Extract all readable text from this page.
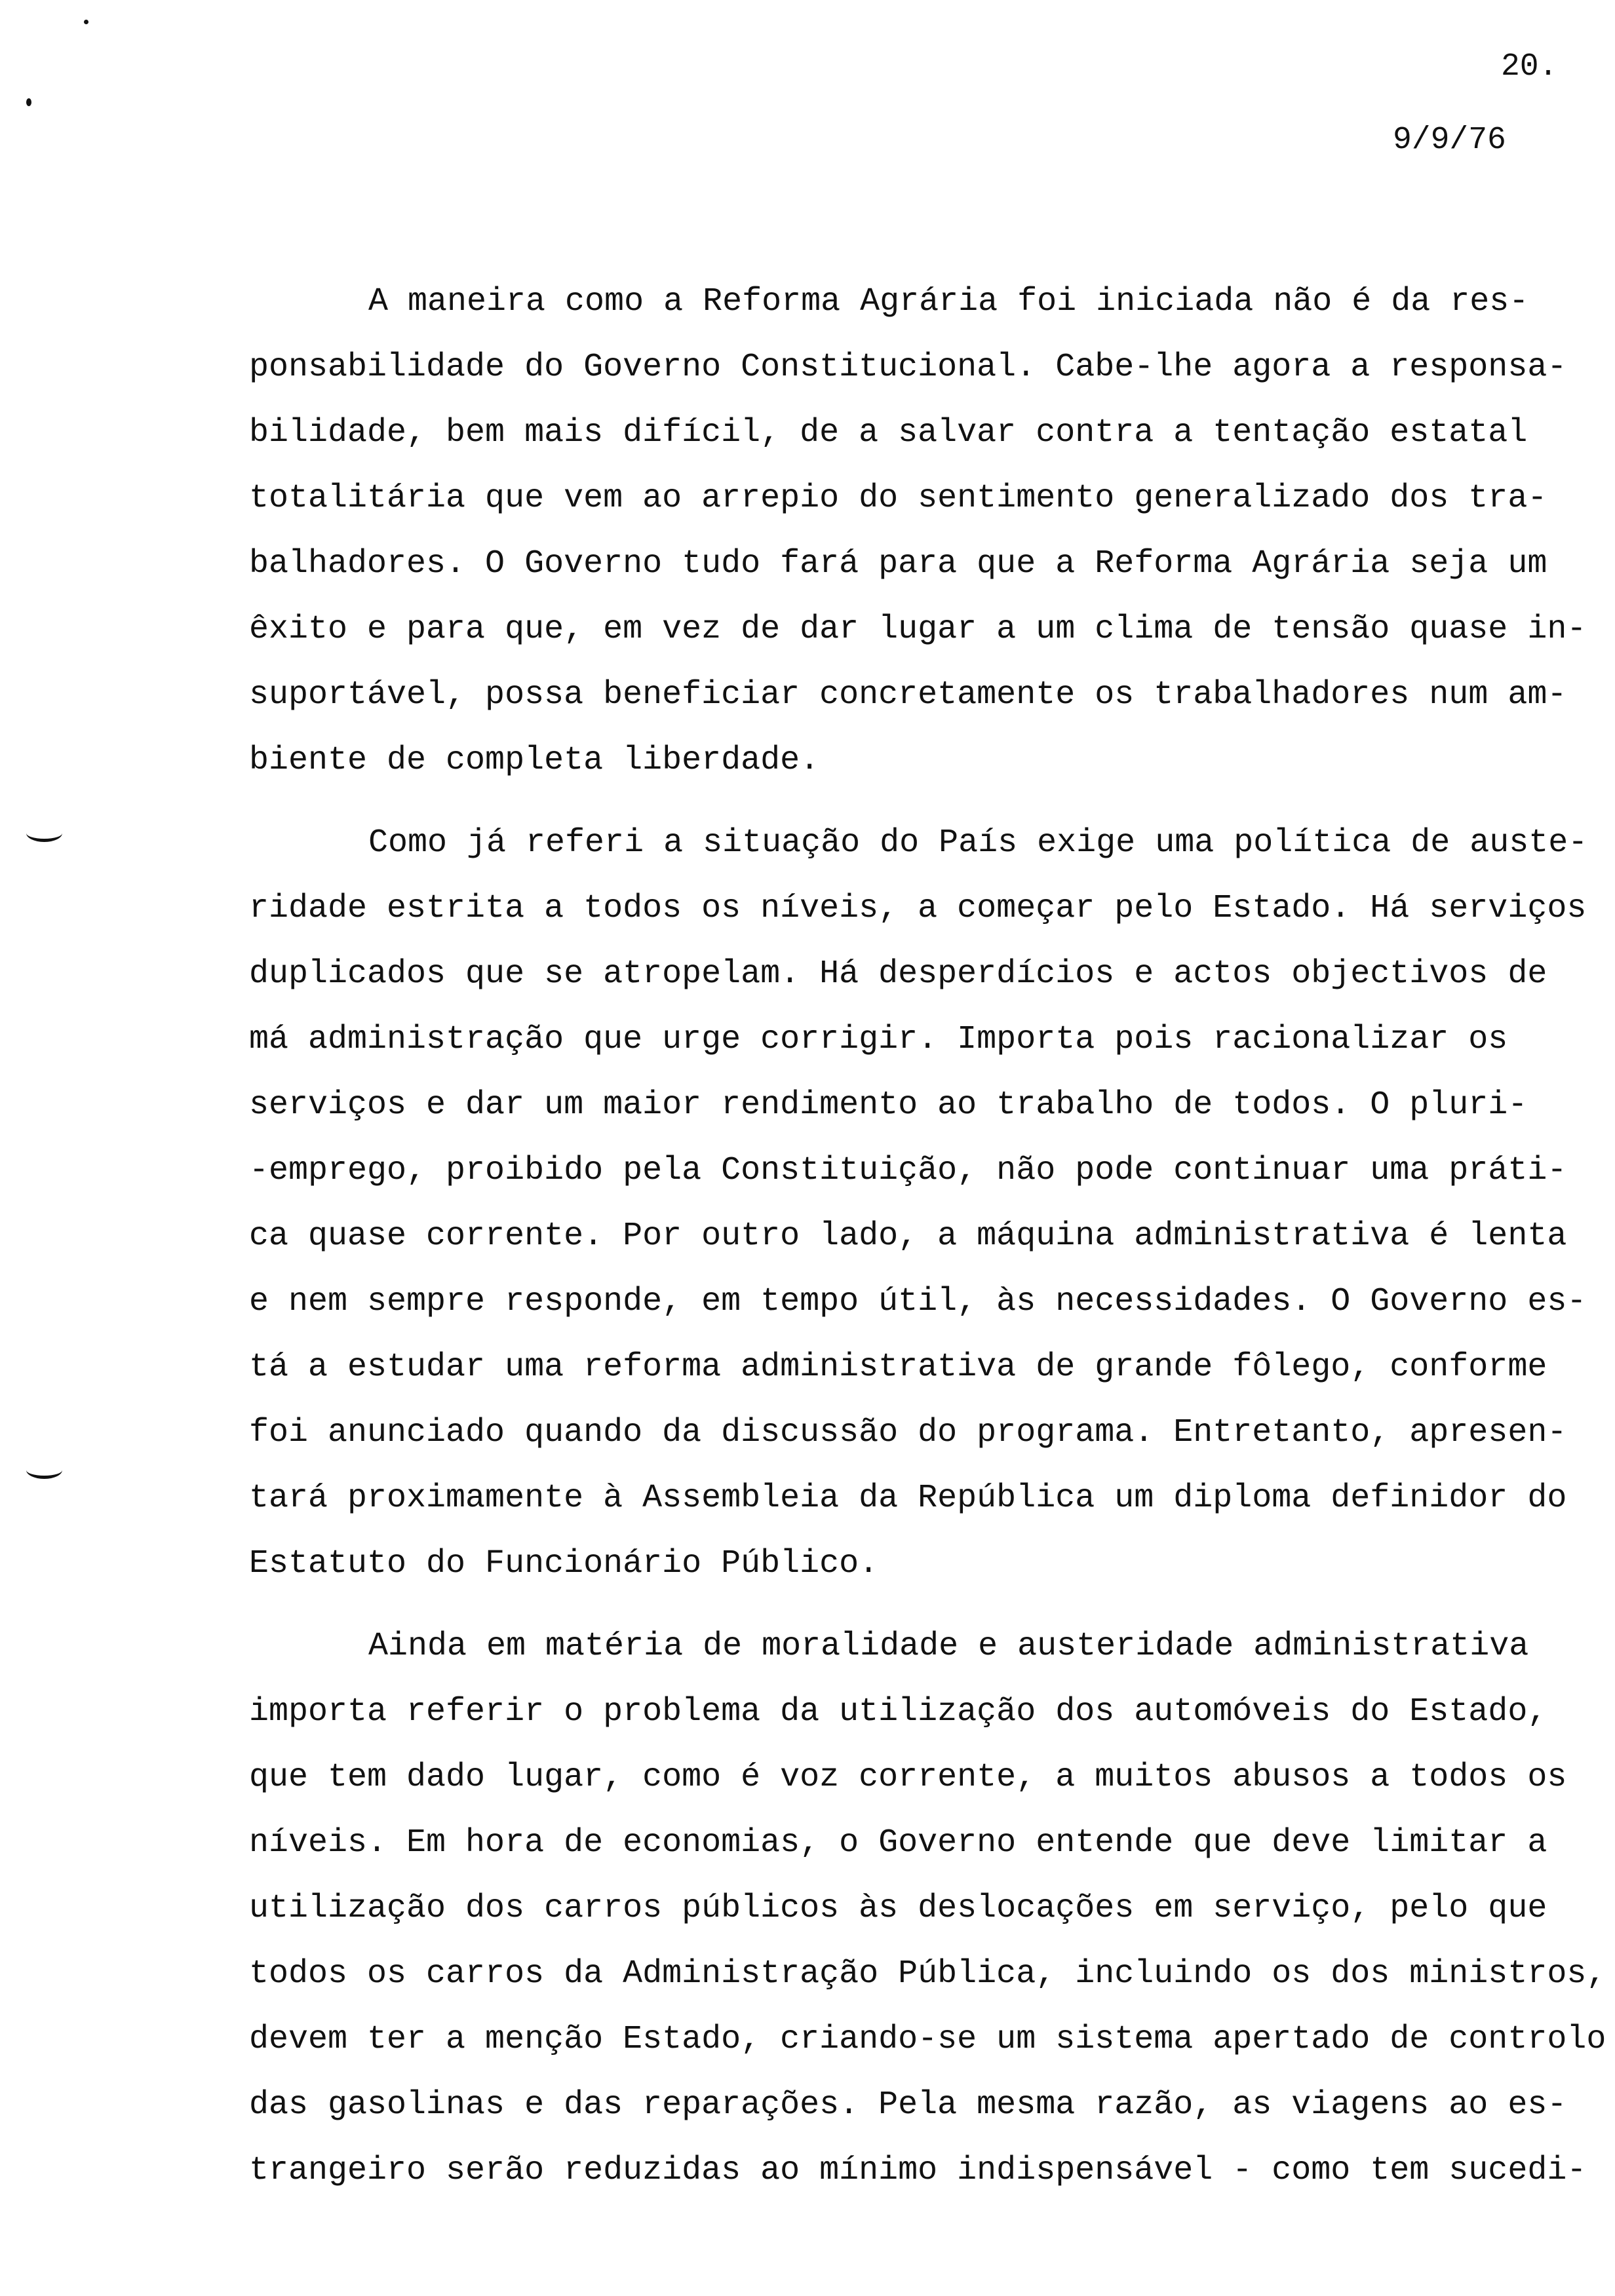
20.
9/9/76
A maneira como a Reforma Agrária foi iniciada não é da res-
ponsabilidade do Governo Constitucional. Cabe-lhe agora a responsa-
bilidade, bem mais difícil, de a salvar contra a tentação estatal
totalitária que vem ao arrepio do sentimento generalizado dos tra-
balhadores. O Governo tudo fará para que a Reforma Agrária seja um
êxito e para que, em vez de dar lugar a um clima de tensão quase in-
suportável, possa beneficiar concretamente os trabalhadores num am-
biente de completa liberdade.
Como já referi a situação do País exige uma política de auste-
ridade estrita a todos os níveis, a começar pelo Estado. Há serviços
duplicados que se atropelam. Há desperdícios e actos objectivos de
má administração que urge corrigir. Importa pois racionalizar os
serviços e dar um maior rendimento ao trabalho de todos. O pluri-
-emprego, proibido pela Constituição, não pode continuar uma práti-
ca quase corrente. Por outro lado, a máquina administrativa é lenta
e nem sempre responde, em tempo útil, às necessidades. O Governo es-
tá a estudar uma reforma administrativa de grande fôlego, conforme
foi anunciado quando da discussão do programa. Entretanto, apresen-
tará proximamente à Assembleia da República um diploma definidor do
Estatuto do Funcionário Público.
Ainda em matéria de moralidade e austeridade administrativa
importa referir o problema da utilização dos automóveis do Estado,
que tem dado lugar, como é voz corrente, a muitos abusos a todos os
níveis. Em hora de economias, o Governo entende que deve limitar a
utilização dos carros públicos às deslocações em serviço, pelo que
todos os carros da Administração Pública, incluindo os dos ministros,
devem ter a menção Estado, criando-se um sistema apertado de controlo
das gasolinas e das reparações. Pela mesma razão, as viagens ao es-
trangeiro serão reduzidas ao mínimo indispensável - como tem sucedi-
